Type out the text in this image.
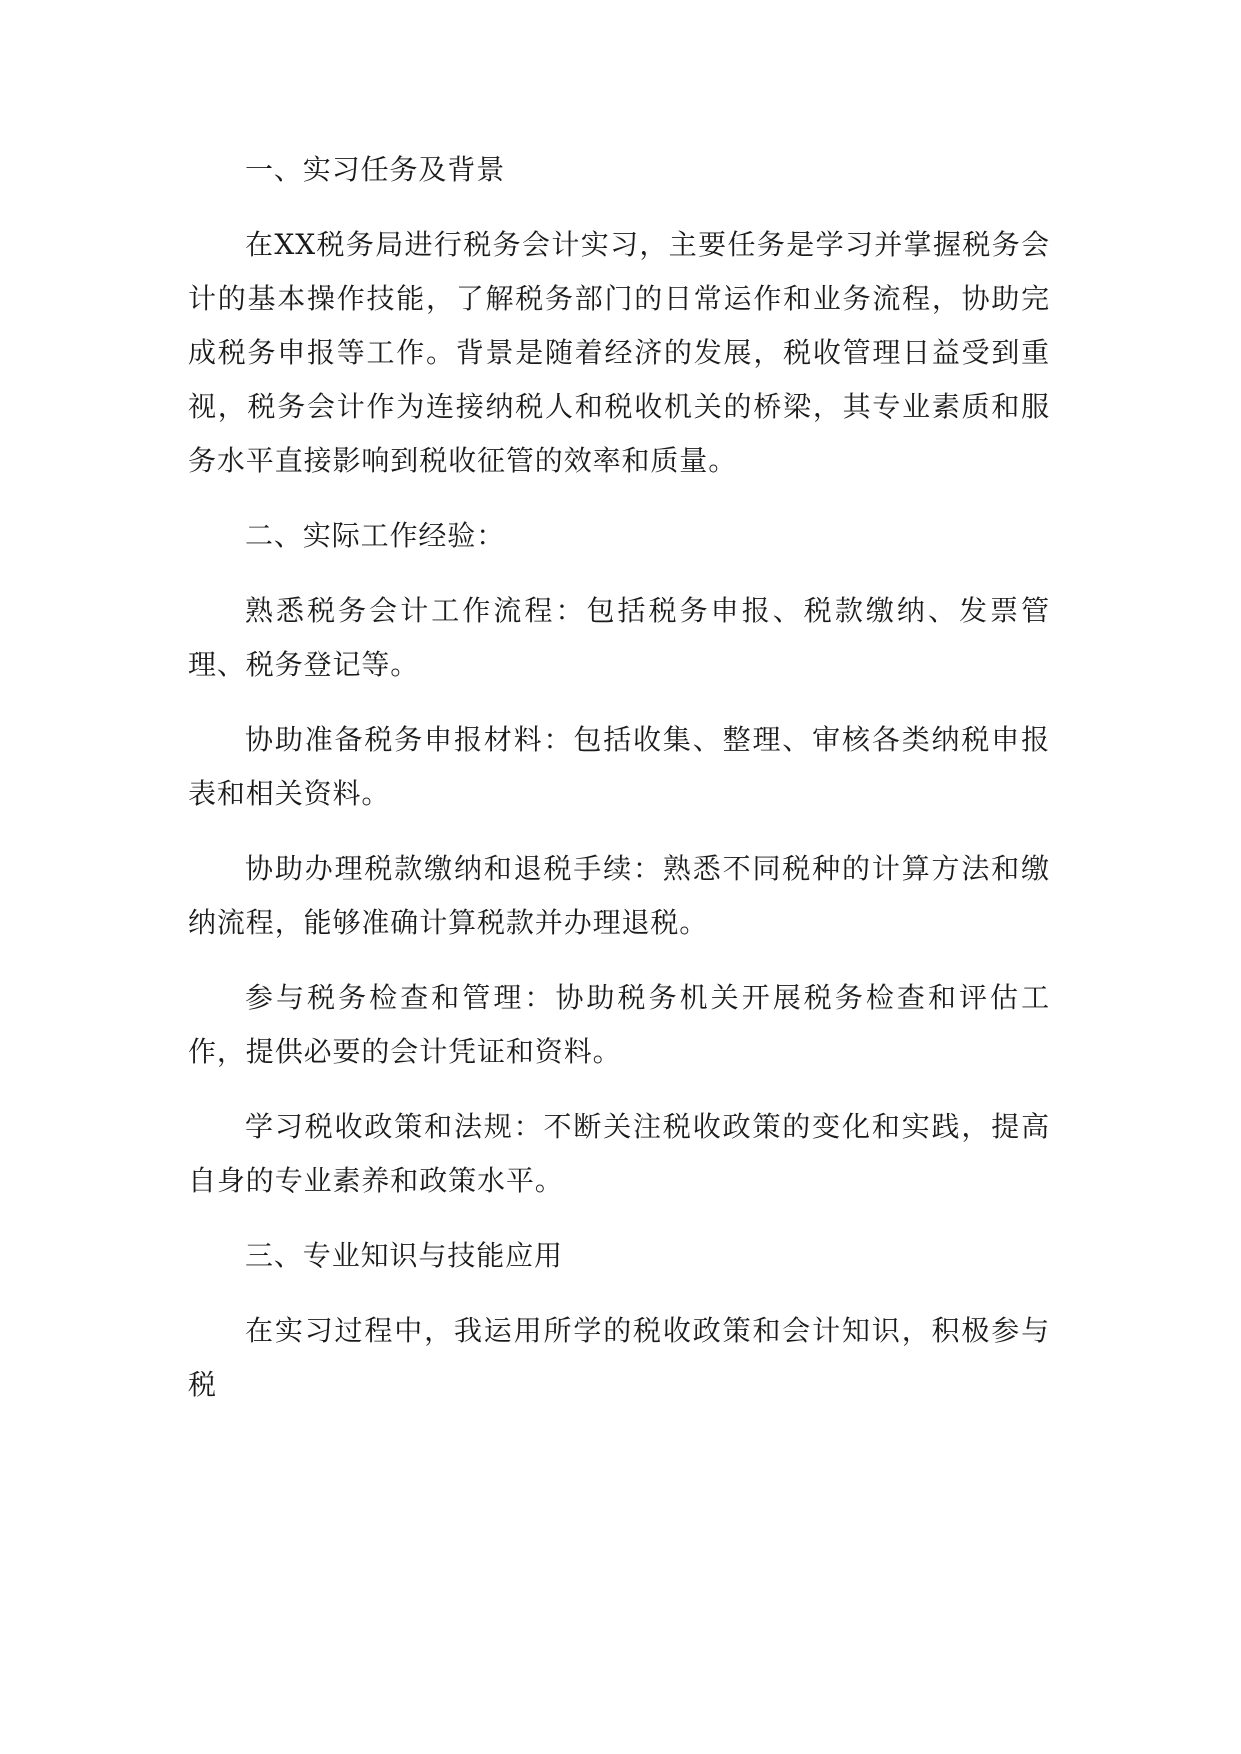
一、实习任务及背景

在XX税务局进行税务会计实习，主要任务是学习并掌握税务会计的基本操作技能，了解税务部门的日常运作和业务流程，协助完成税务申报等工作。背景是随着经济的发展，税收管理日益受到重视，税务会计作为连接纳税人和税收机关的桥梁，其专业素质和服务水平直接影响到税收征管的效率和质量。

二、实际工作经验：

熟悉税务会计工作流程：包括税务申报、税款缴纳、发票管理、税务登记等。

协助准备税务申报材料：包括收集、整理、审核各类纳税申报表和相关资料。

协助办理税款缴纳和退税手续：熟悉不同税种的计算方法和缴纳流程，能够准确计算税款并办理退税。

参与税务检查和管理：协助税务机关开展税务检查和评估工作，提供必要的会计凭证和资料。

学习税收政策和法规：不断关注税收政策的变化和实践，提高自身的专业素养和政策水平。

三、专业知识与技能应用

在实习过程中，我运用所学的税收政策和会计知识，积极参与税
